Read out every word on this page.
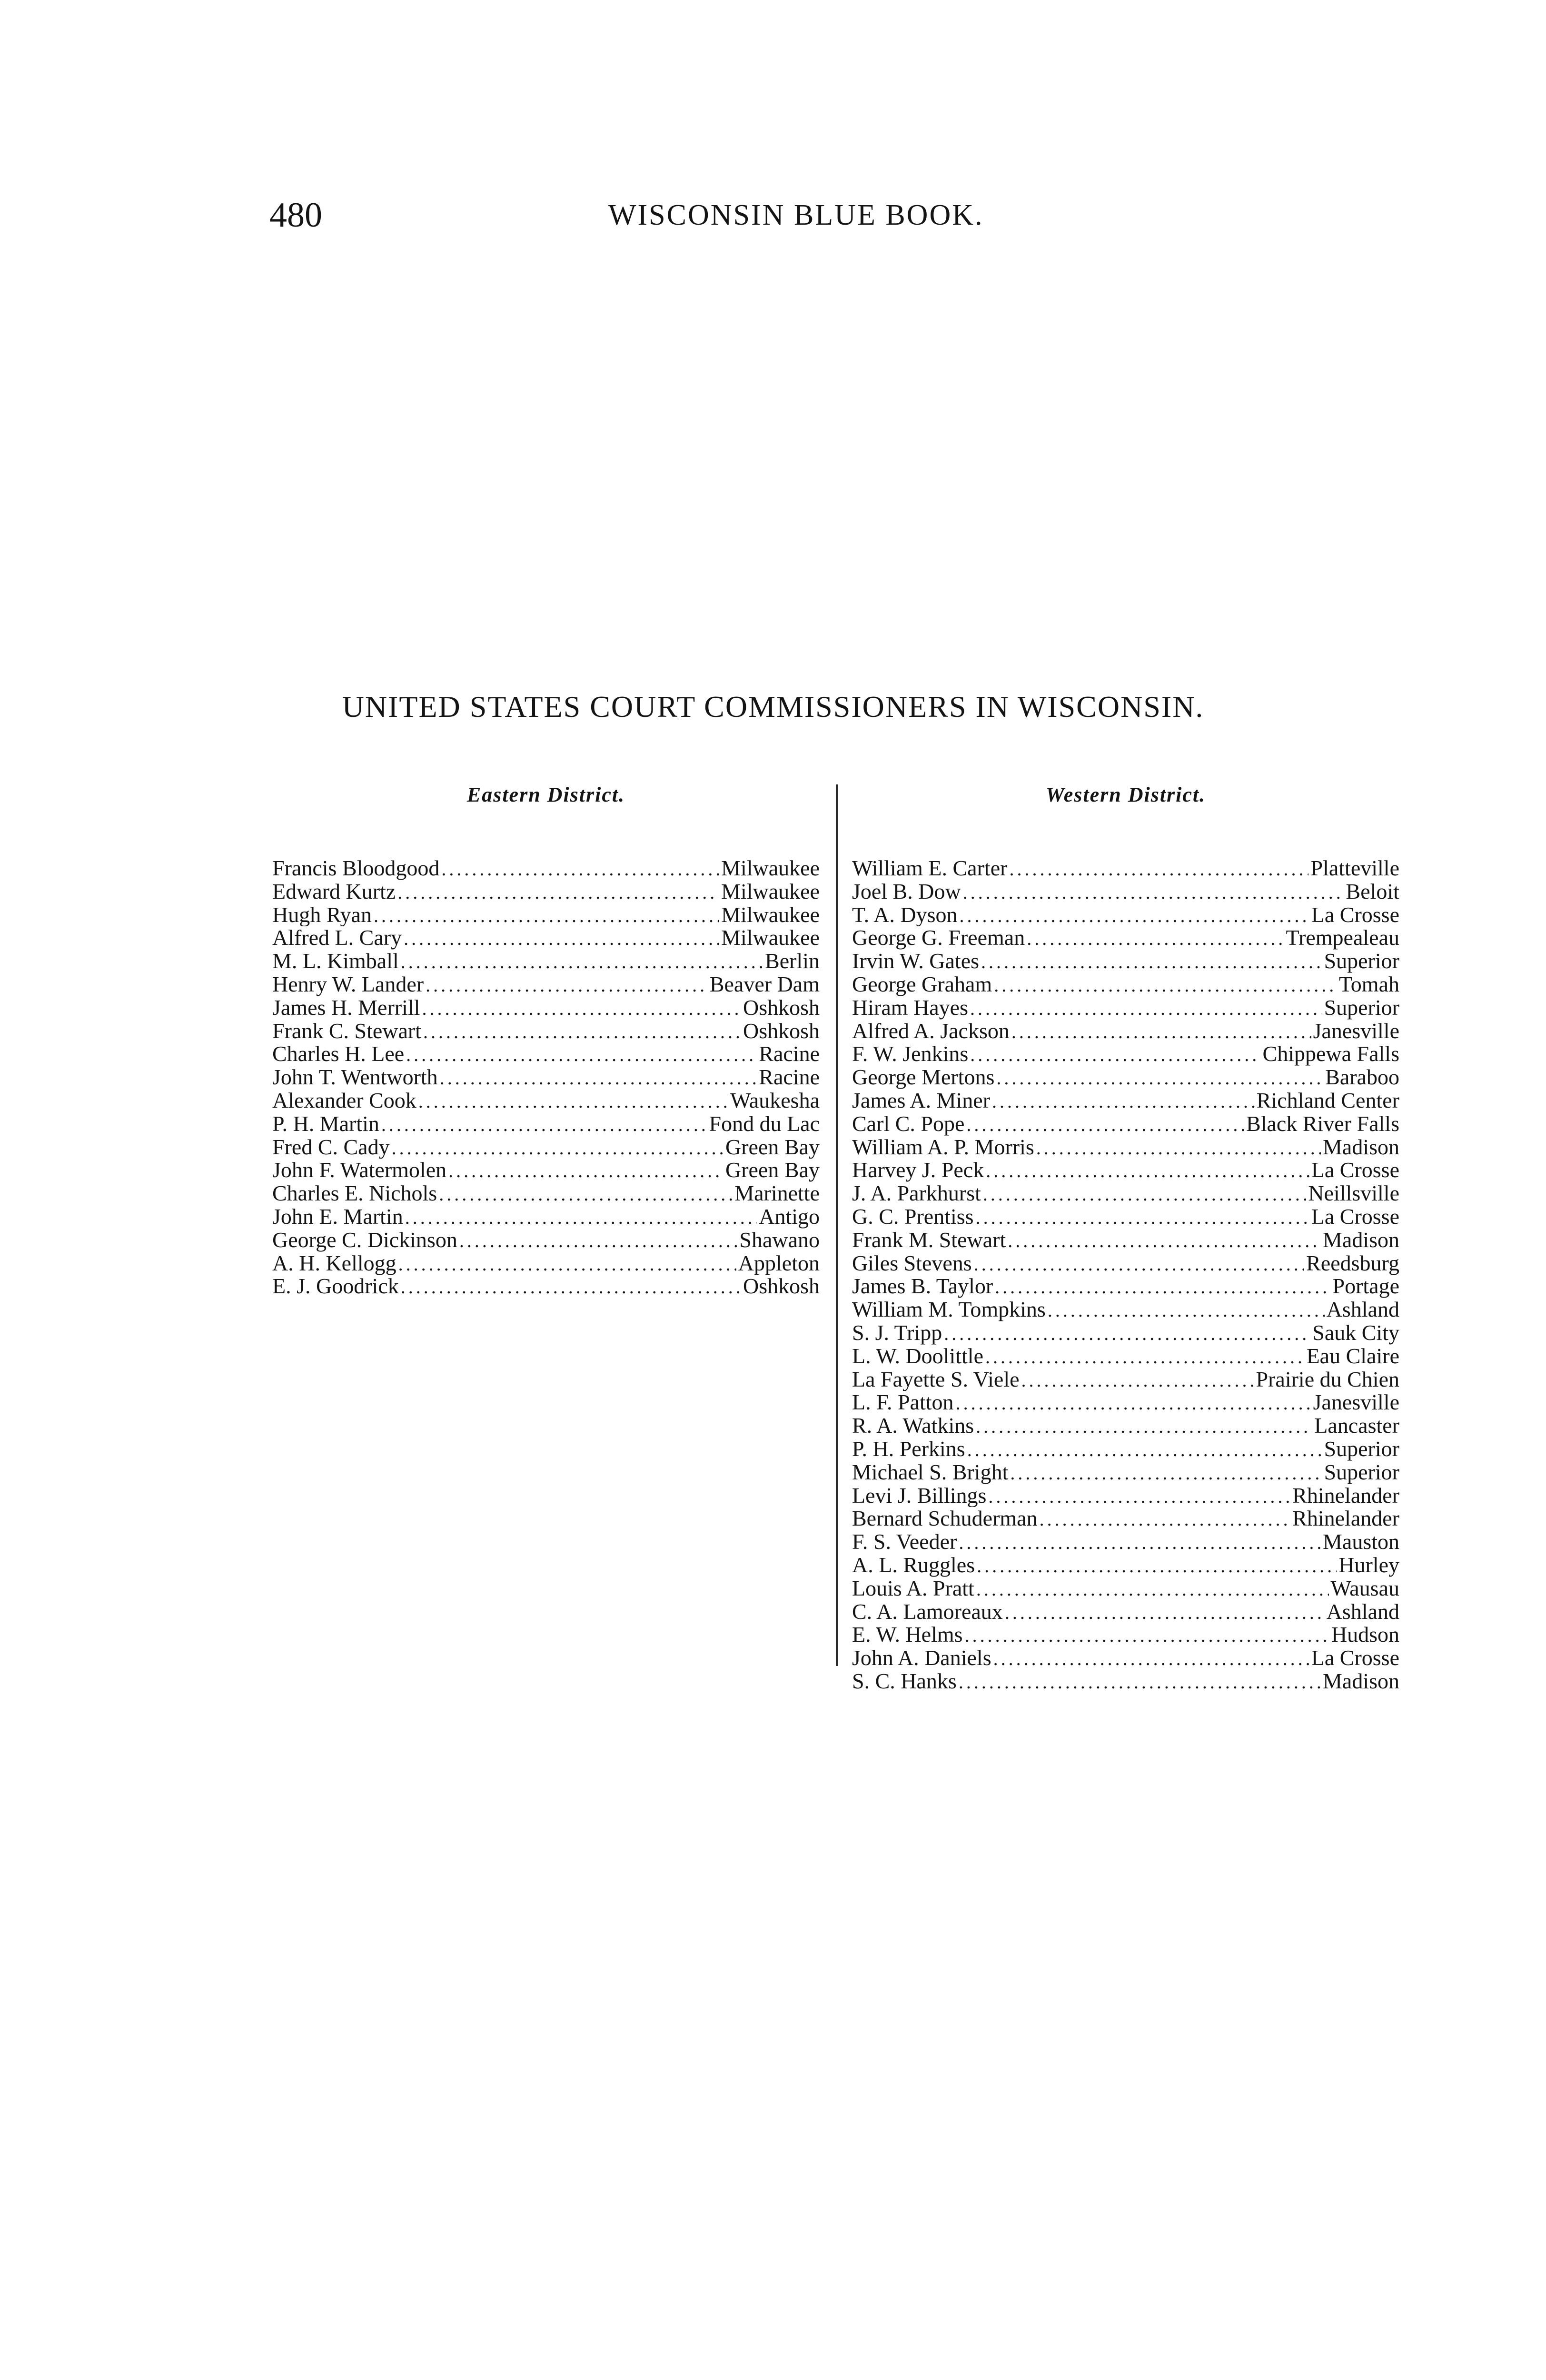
480	WISCONSIN BLUE BOOK.
UNITED STATES COURT COMMISSIONERS IN WISCONSIN.
Eastern District.
Francis Bloodgood .....	Milwaukee
Edward Kurtz .....	Milwaukee
Hugh Ryan .....	Milwaukee
Alfred L. Cary .....	Milwaukee
M. L. Kimball .....	Berlin
Henry W. Lander .....	Beaver Dam
James H. Merrill .....	Oshkosh
Frank C. Stewart .....	Oshkosh
Charles H. Lee .....	Racine
John T. Wentworth .....	Racine
Alexander Cook .....	Waukesha
P. H. Martin .....	Fond du Lac
Fred C. Cady .....	Green Bay
John F. Watermolen .....	Green Bay
Charles E. Nichols .....	Marinette
John E. Martin .....	Antigo
George C. Dickinson .....	Shawano
A. H. Kellogg .....	Appleton
E. J. Goodrick .....	Oshkosh
Western District.
William E. Carter .....	Platteville
Joel B. Dow .....	Beloit
T. A. Dyson .....	La Crosse
George G. Freeman .....	Trempealeau
Irvin W. Gates .....	Superior
George Graham .....	Tomah
Hiram Hayes .....	Superior
Alfred A. Jackson .....	Janesville
F. W. Jenkins .....	Chippewa Falls
George Mertons .....	Baraboo
James A. Miner .....	Richland Center
Carl C. Pope .....	Black River Falls
William A. P. Morris .....	Madison
Harvey J. Peck .....	La Crosse
J. A. Parkhurst .....	Neillsville
G. C. Prentiss .....	La Crosse
Frank M. Stewart .....	Madison
Giles Stevens .....	Reedsburg
James B. Taylor .....	Portage
William M. Tompkins .....	Ashland
S. J. Tripp .....	Sauk City
L. W. Doolittle .....	Eau Claire
La Fayette S. Viele .....	Prairie du Chien
L. F. Patton .....	Janesville
R. A. Watkins .....	Lancaster
P. H. Perkins .....	Superior
Michael S. Bright .....	Superior
Levi J. Billings .....	Rhinelander
Bernard Schuderman .....	Rhinelander
F. S. Veeder .....	Mauston
A. L. Ruggles .....	Hurley
Louis A. Pratt .....	Wausau
C. A. Lamoreaux .....	Ashland
E. W. Helms .....	Hudson
John A. Daniels .....	La Crosse
S. C. Hanks .....	Madison
